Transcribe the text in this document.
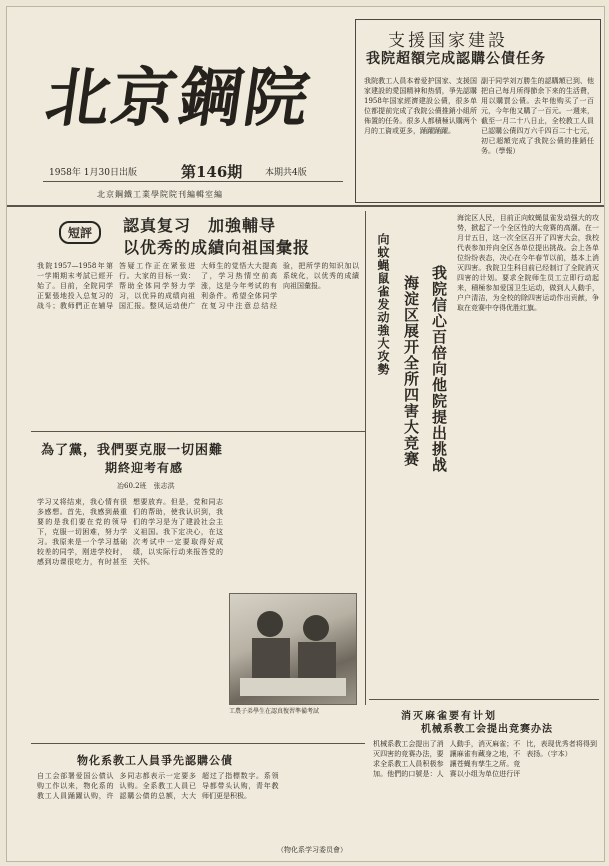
北京鋼院
1958年 1月30日出版	第146期	本期共4版
北京鋼鐵工業學院院刊編輯室編
支援国家建設
我院超額完成認購公債任务
我院教工人員本着爱护国家、支援国家建設的愛国精神和热情，爭先認購1958年国家經濟建設公債，很多单位都提前完成了我院公債推銷小組所佈置的任务。很多人都積極认購两个月的工資或更多，踊躍踊躍。
副于同学刘万勝生的認購額已到、他把自己每月所得節余下来的生活費，用以購買公債。去年他购买了一百元，今年他又購了一百元。一週来，截至一月二十八日止，全校教工人員已認購公債四万六千四百二十七元，初已超額完成了我院公債的推銷任务。（學報）
短評	認真复习　加強輔导
以优秀的成績向祖国彙报
我院1957—1958年第一学期期末考試已經开始了。目前，全院同学正緊張地投入总复习的战斗；教师們正在辅导答疑工作正在紧张进行。大家的目标一致：帮助全体同学努力学习，以优异的成绩向祖国汇报。整风运动使广大师生的觉悟大大提高了，学习热情空前高涨，这是今年考试的有利条件。希望全体同学在复习中注意总结经验，把所学的知识加以系统化，以优秀的成績向祖国彙报。	我院信心百倍向他院提出挑战
海淀区展开全所四害大竞赛
向蚊蝇鼠雀发动強大攻勢
海淀区人民，目前正向蚊蝇鼠雀发动强大的攻势，掀起了一个全区性的大竞赛的高潮。在一月廿五日，这一次全区召开了四害大会，我校代表参加并向全区各单位提出挑战。会上各单位纷纷表态，决心在今年春节以前，基本上消灭四害。我院卫生科目前已经制订了全院消灭四害的计划。要求全院师生员工立即行动起来，積極参加爱国卫生运动，做到人人動手，户户清洁，为全校的除四害运动作出贡献，争取在竞赛中夺得优胜红旗。
為了黨，我們要克服一切困難
期終迎考有感
冶60.2班　张志洪
学习又将结束，我心情有很多感想。首先，我感到最重要的是我们要在党的领导下，克服一切困难，努力学习。我原来是一个学习基础较差的同学，刚进学校时，感到功课很吃力，有时甚至想要放弃。但是，党和同志们的帮助，使我认识到，我们的学习是为了建設社会主义祖国。我下定决心，在这次考试中一定要取得好成绩，以实际行动来报答党的关怀。
工農子弟學生在認真復習準備考試
物化系教工人員爭先認購公債
自工会部署爱国公债认购工作以来，物化系的教工人員踊躍认购，许多同志都表示一定要多认购。全系教工人員已認購公债的总额，大大超过了指標数字。系领导都带头认购，青年教师们更是积极。
（物化系学习委员會）
消灭麻雀要有计划
机械系教工会提出竞赛办法
机械系教工会提出了消灭四害的竞赛办法，要求全系教工人員积极参加。他們的口號是：人人動手，消灭麻雀；不讓麻雀有藏身之地，不讓苍蝇有孳生之所。竞赛以小组为单位进行评比，表现优秀者将得到表扬。（宇本）
